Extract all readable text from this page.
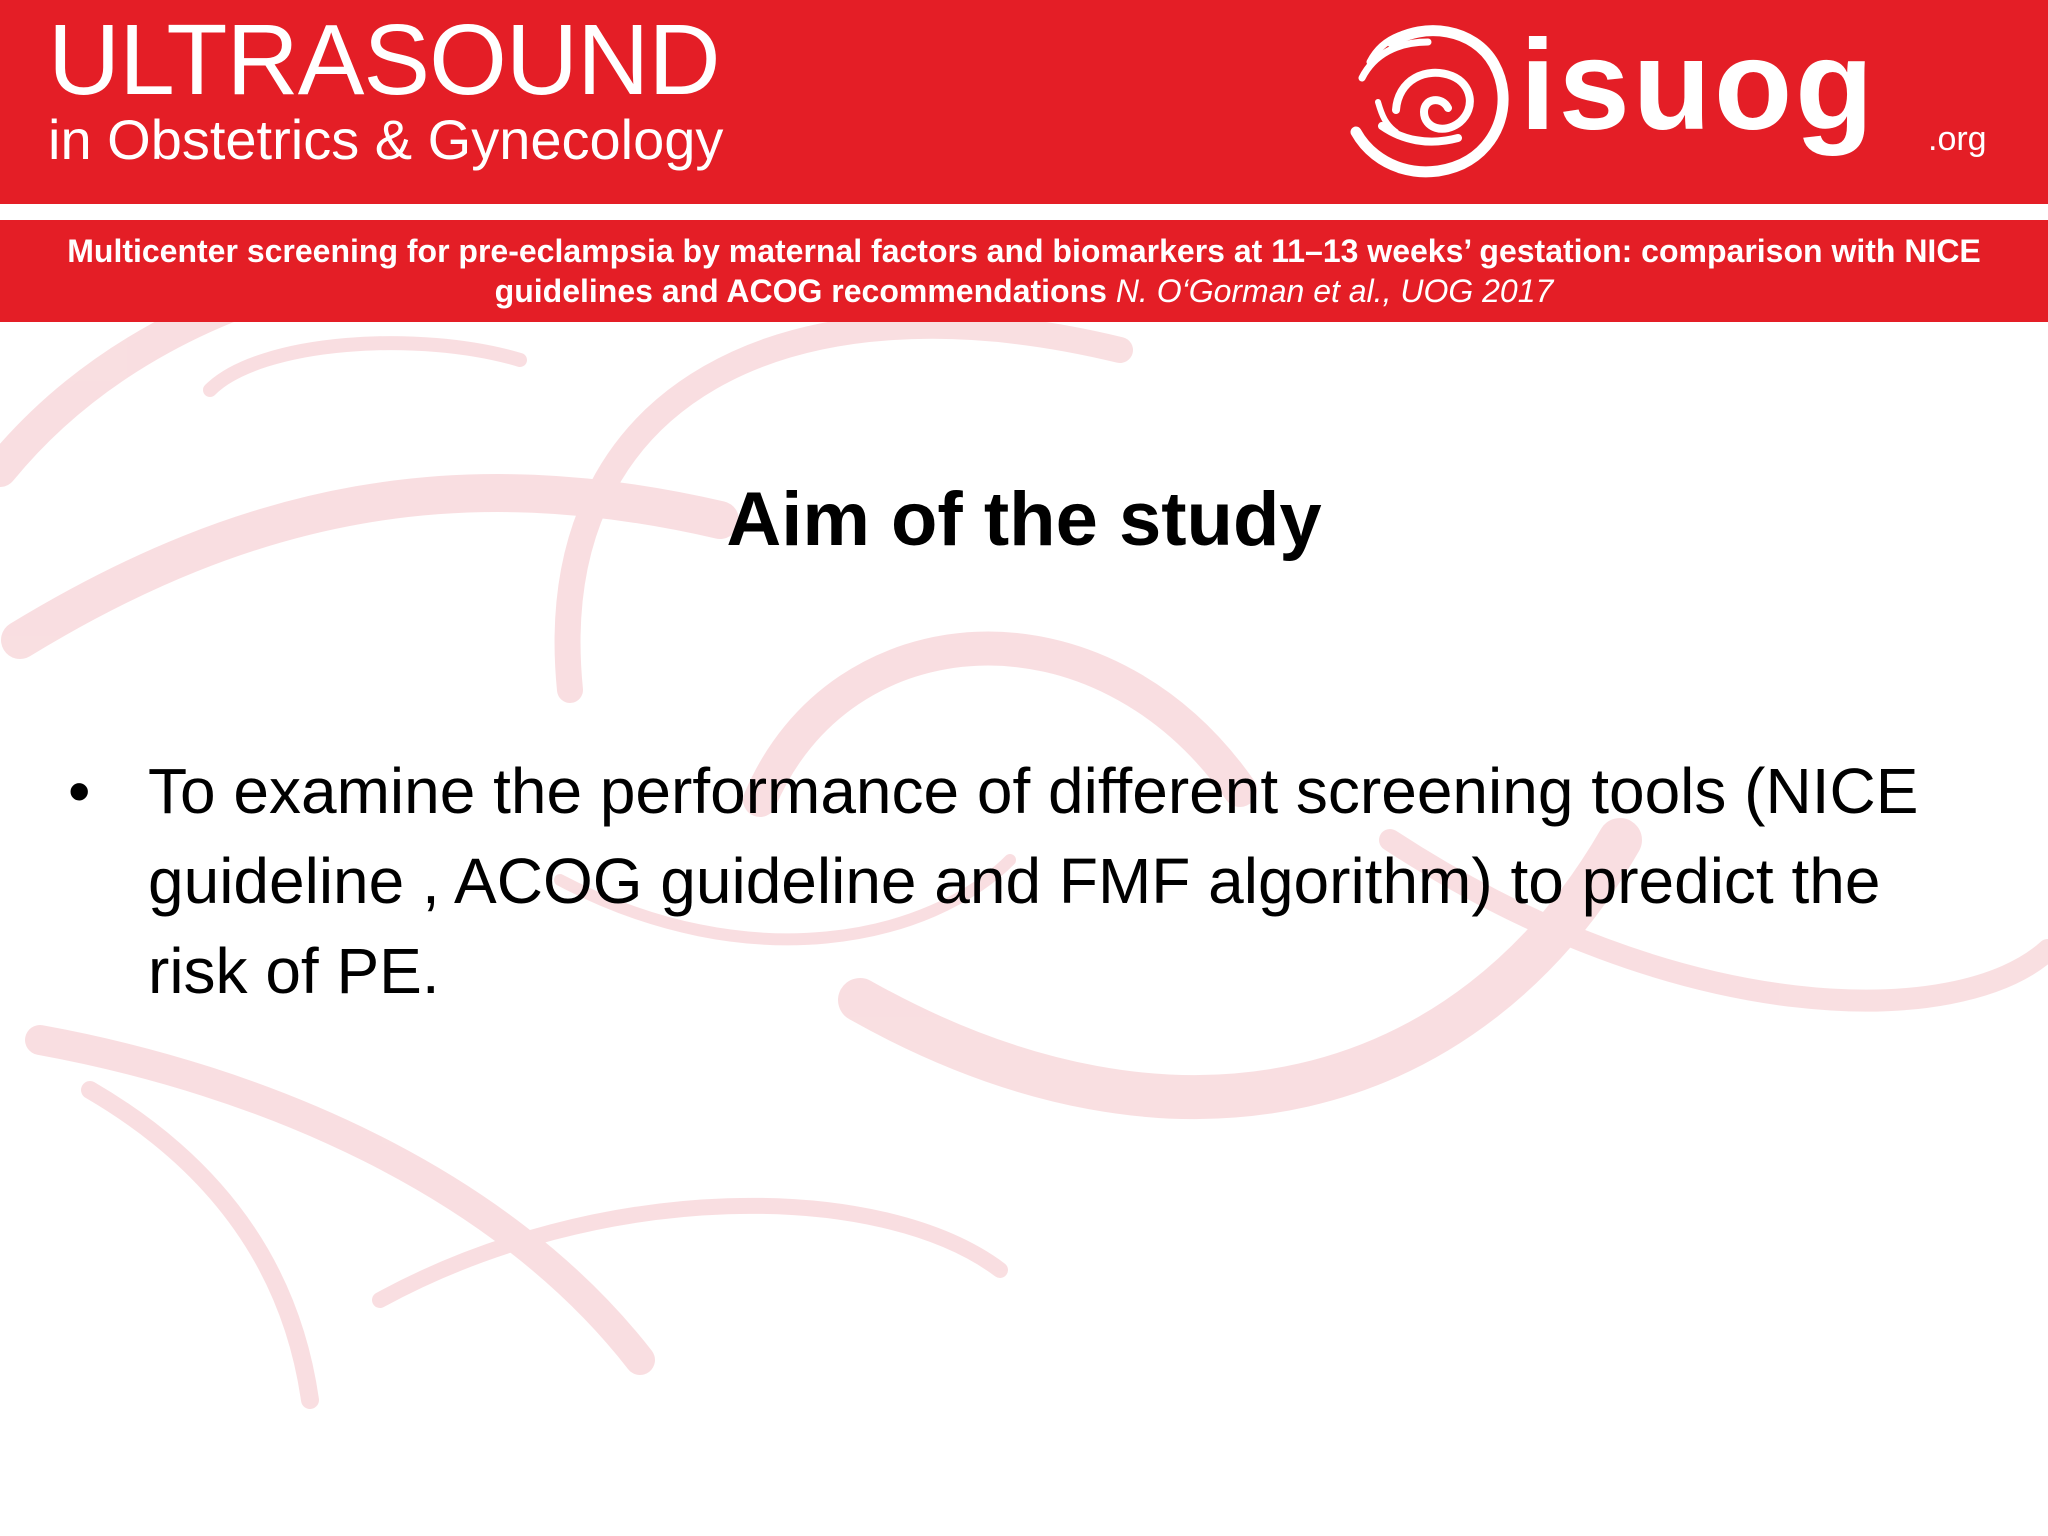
ULTRASOUND
in Obstetrics & Gynecology	isuog .org
Multicenter screening for pre-eclampsia by maternal factors and biomarkers at 11–13 weeks’ gestation: comparison with NICE guidelines and ACOG recommendations N. O‘Gorman et al., UOG 2017
Aim of the study
• To examine the performance of different screening tools (NICE guideline , ACOG guideline and FMF algorithm) to predict the risk of PE.
